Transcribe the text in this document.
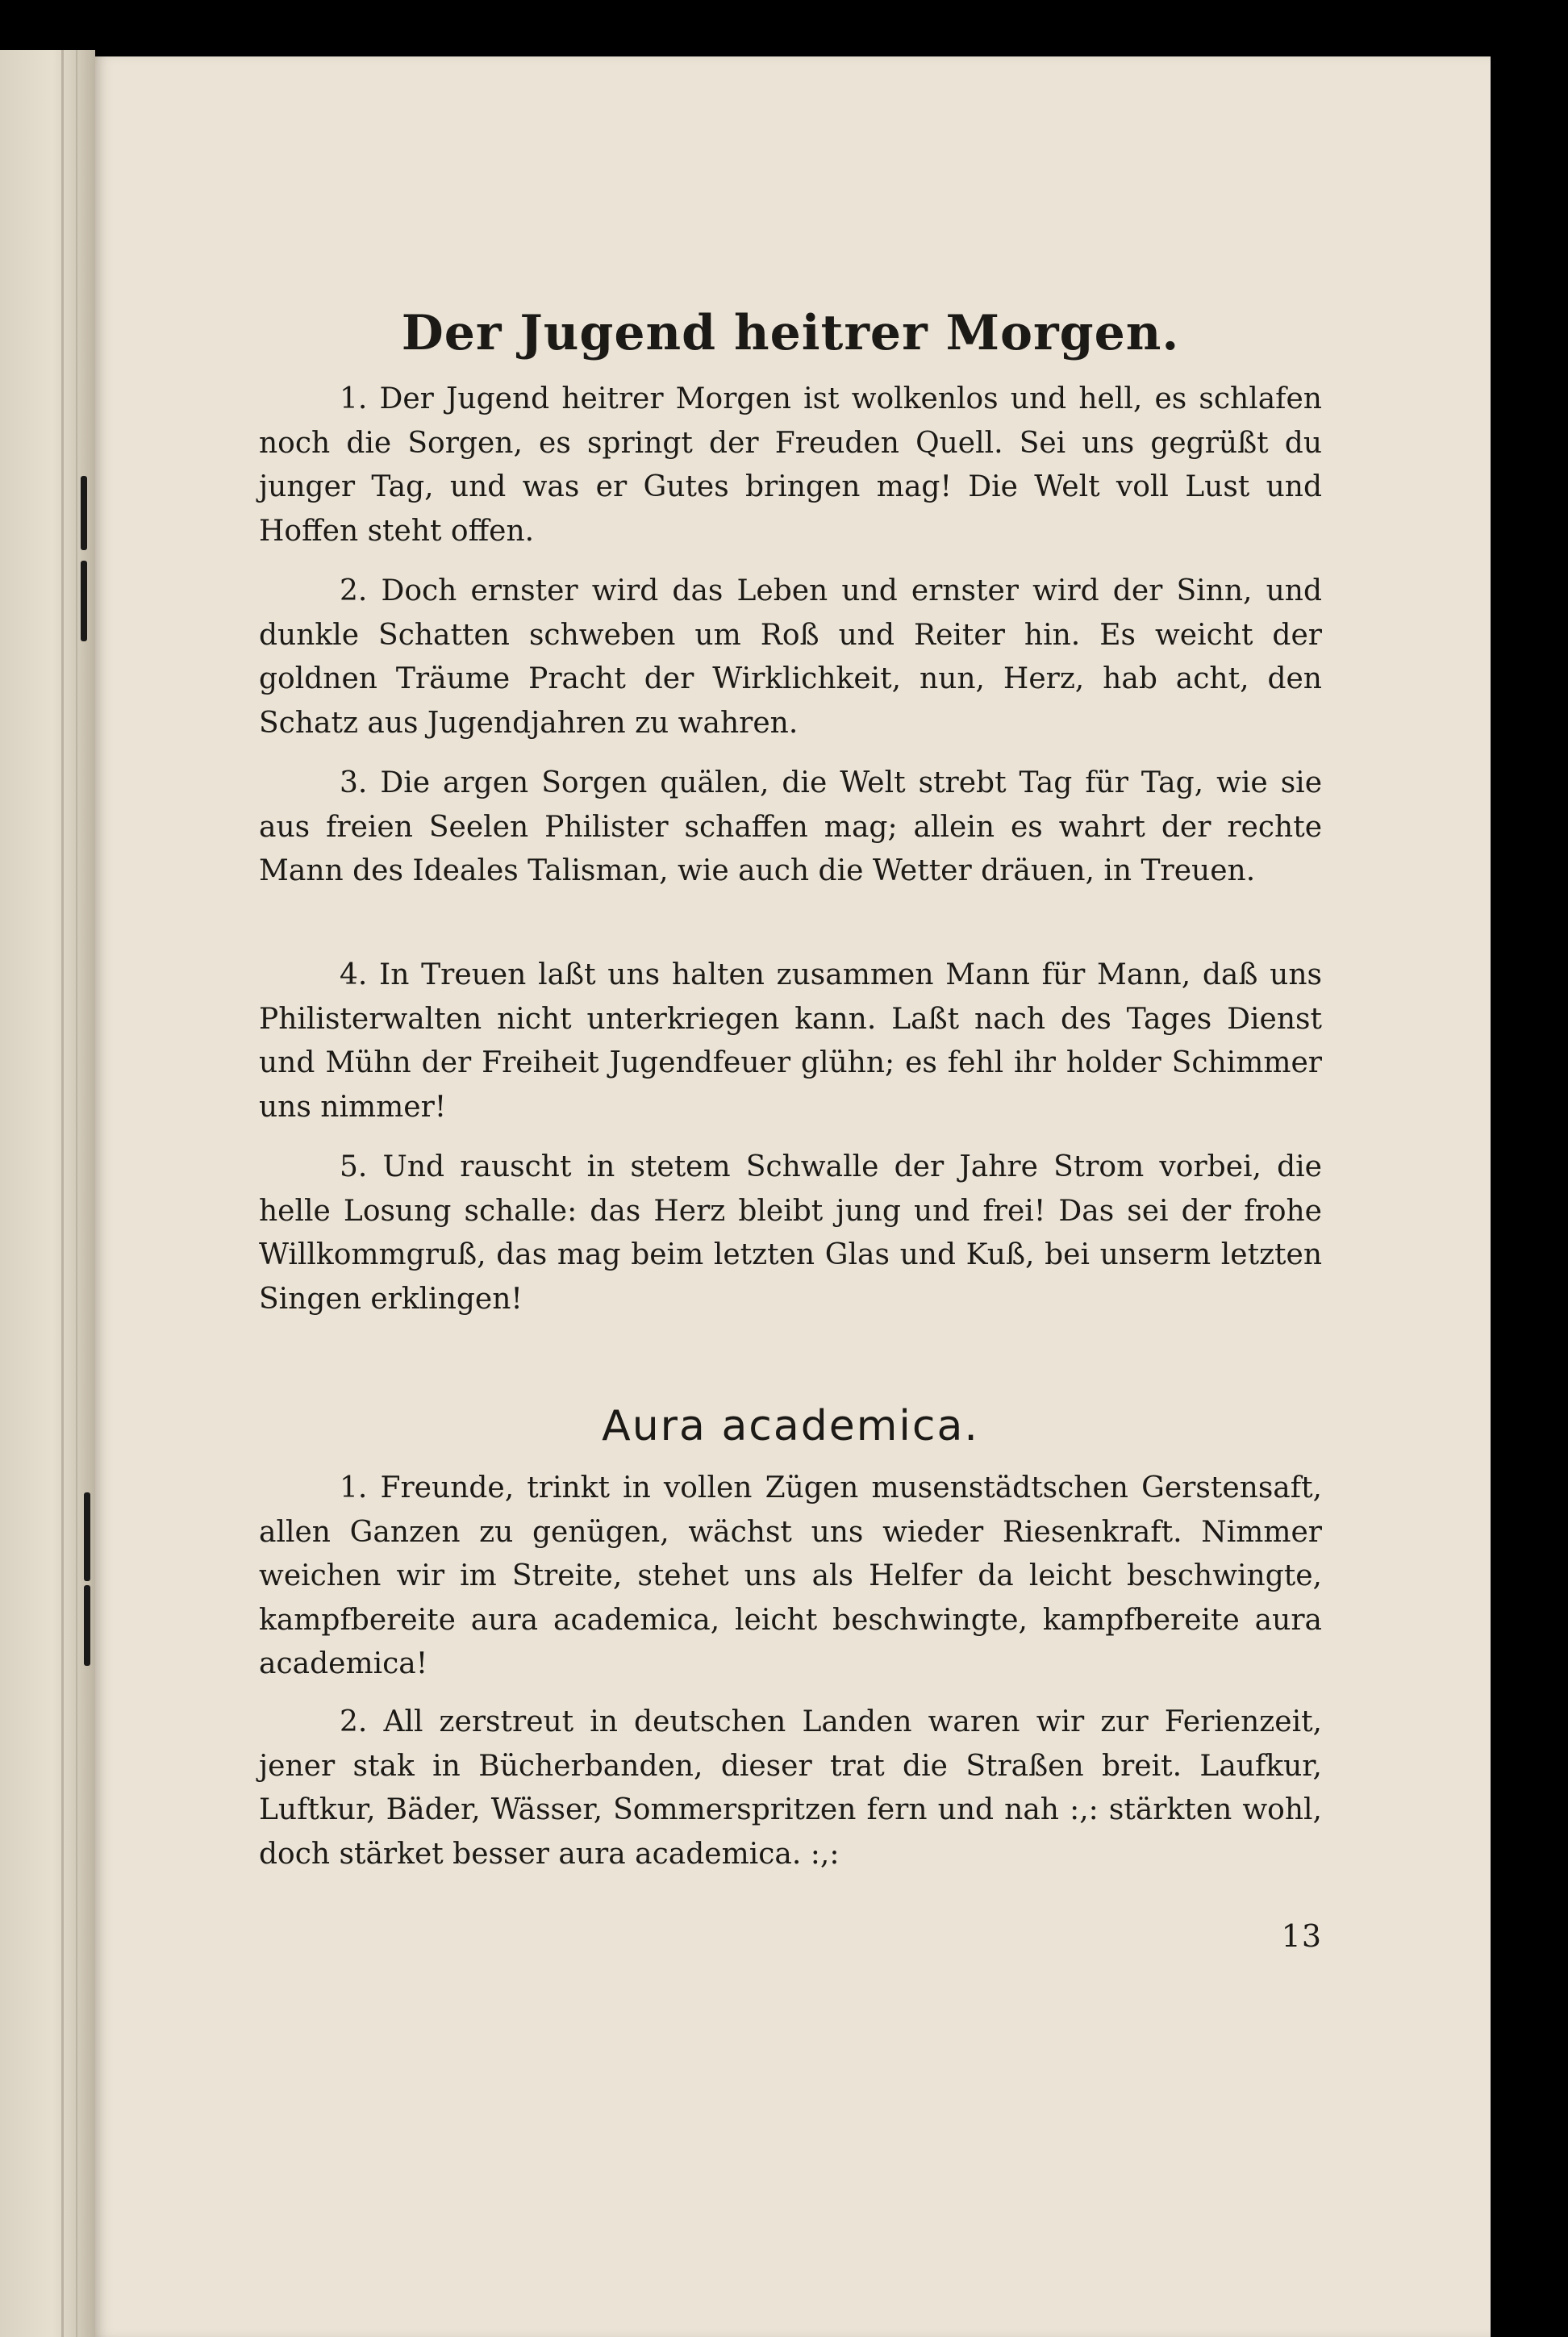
Der Jugend heitrer Morgen.

1. Der Jugend heitrer Morgen ist wolkenlos und hell, es schlafen noch die Sorgen, es springt der Freuden Quell. Sei uns gegrüßt du junger Tag, und was er Gutes bringen mag! Die Welt voll Lust und Hoffen steht offen.

2. Doch ernster wird das Leben und ernster wird der Sinn, und dunkle Schatten schweben um Roß und Reiter hin. Es weicht der goldnen Träume Pracht der Wirklichkeit, nun, Herz, hab acht, den Schatz aus Jugendjahren zu wahren.

3. Die argen Sorgen quälen, die Welt strebt Tag für Tag, wie sie aus freien Seelen Philister schaffen mag; allein es wahrt der rechte Mann des Ideales Talisman, wie auch die Wetter dräuen, in Treuen.

4. In Treuen laßt uns halten zusammen Mann für Mann, daß uns Philisterwalten nicht unterkriegen kann. Laßt nach des Tages Dienst und Mühn der Freiheit Jugendfeuer glühn; es fehl ihr holder Schimmer uns nimmer!

5. Und rauscht in stetem Schwalle der Jahre Strom vorbei, die helle Losung schalle: das Herz bleibt jung und frei! Das sei der frohe Willkommgruß, das mag beim letzten Glas und Kuß, bei unserm letzten Singen erklingen!

Aura academica.

1. Freunde, trinkt in vollen Zügen musenstädtschen Gerstensaft, allen Ganzen zu genügen, wächst uns wieder Riesenkraft. Nimmer weichen wir im Streite, stehet uns als Helfer da leicht beschwingte, kampfbereite aura academica, leicht beschwingte, kampfbereite aura academica!

2. All zerstreut in deutschen Landen waren wir zur Ferienzeit, jener stak in Bücherbanden, dieser trat die Straßen breit. Laufkur, Luftkur, Bäder, Wässer, Sommerspritzen fern und nah :,: stärkten wohl, doch stärket besser aura academica. :,:

13
